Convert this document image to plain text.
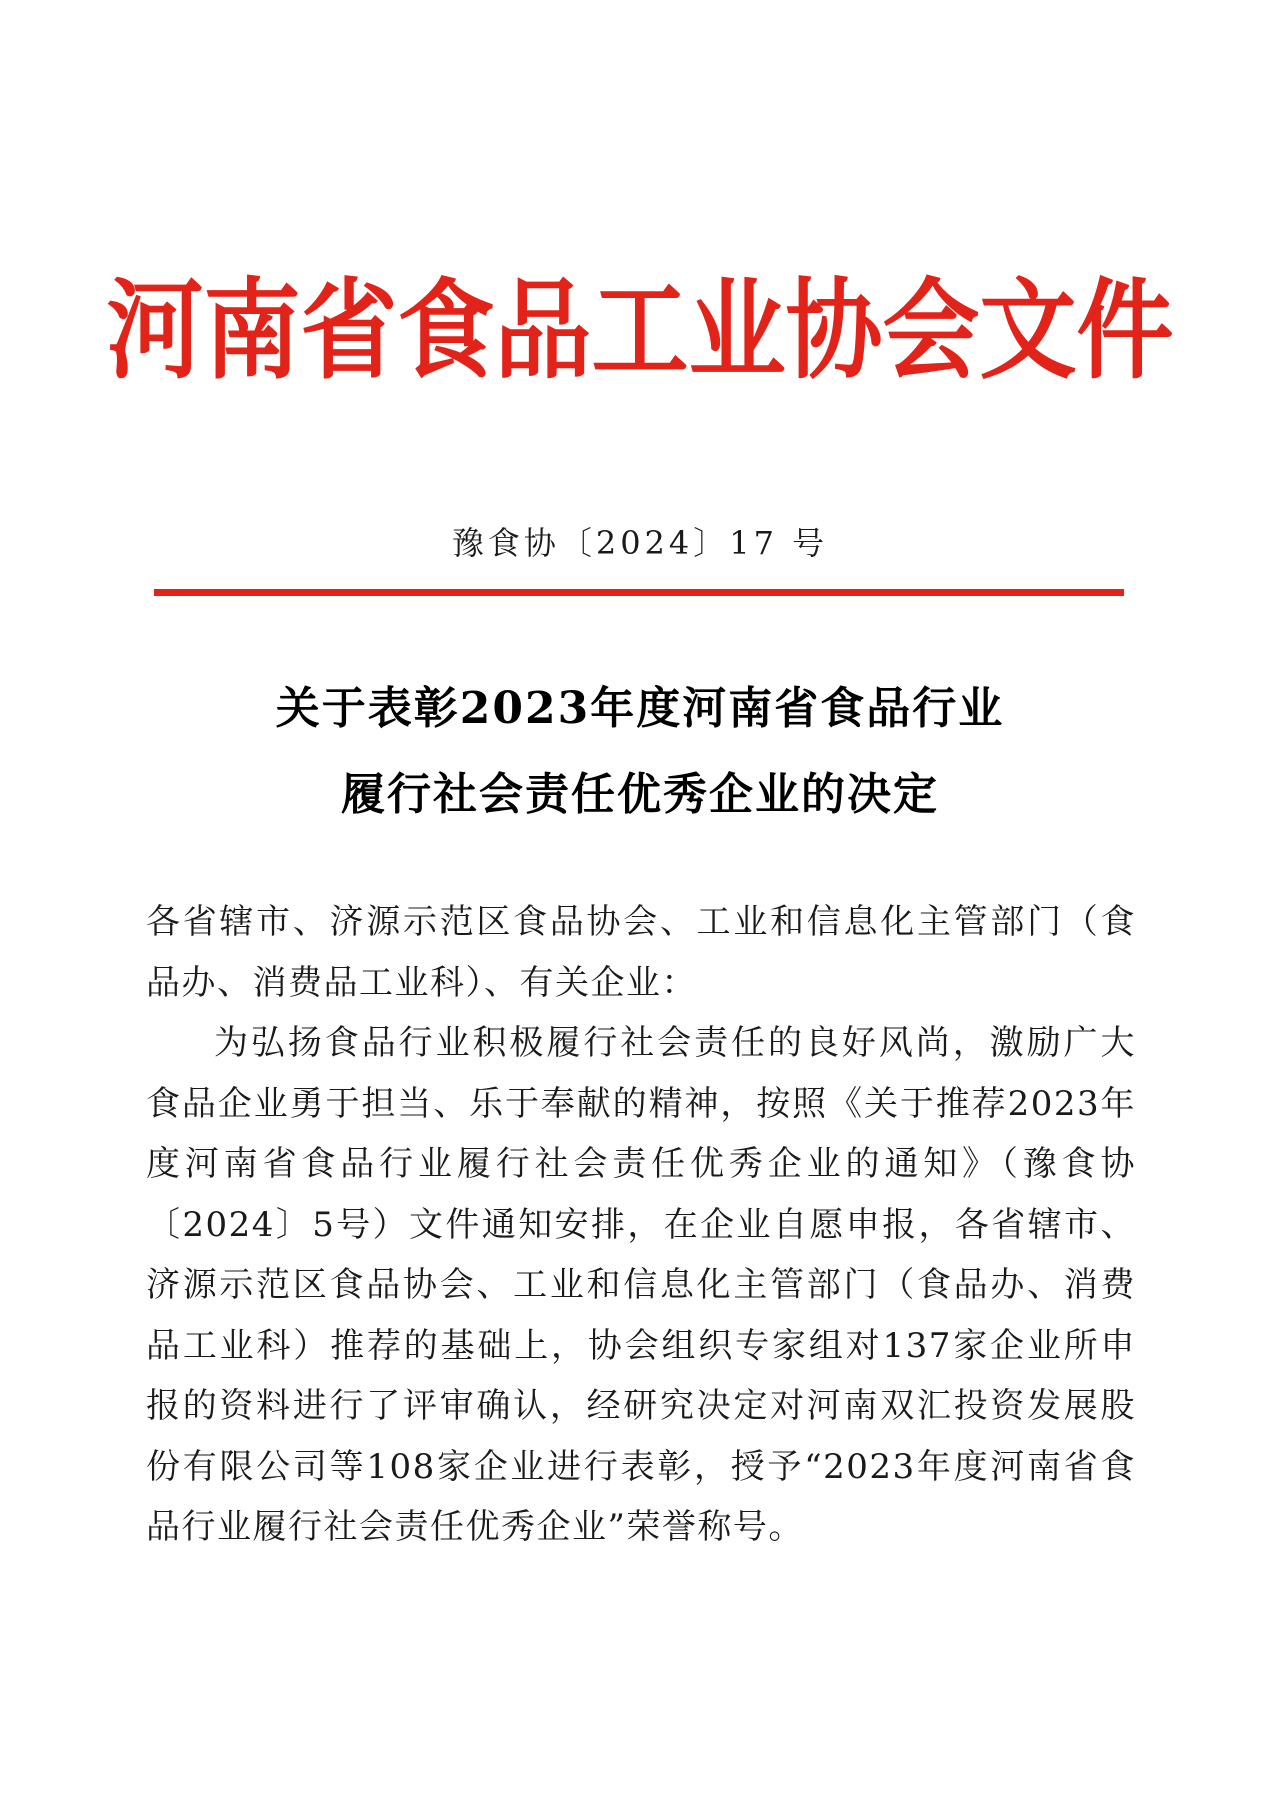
河南省食品工业协会文件
豫食协〔2024〕17 号
关于表彰2023年度河南省食品行业
履行社会责任优秀企业的决定

各省辖市、济源示范区食品协会、工业和信息化主管部门（食品办、消费品工业科）、有关企业：

为弘扬食品行业积极履行社会责任的良好风尚，激励广大食品企业勇于担当、乐于奉献的精神，按照《关于推荐2023年度河南省食品行业履行社会责任优秀企业的通知》（豫食协〔2024〕5号）文件通知安排，在企业自愿申报，各省辖市、济源示范区食品协会、工业和信息化主管部门（食品办、消费品工业科）推荐的基础上，协会组织专家组对137家企业所申报的资料进行了评审确认，经研究决定对河南双汇投资发展股份有限公司等108家企业进行表彰，授予“2023年度河南省食品行业履行社会责任优秀企业”荣誉称号。
